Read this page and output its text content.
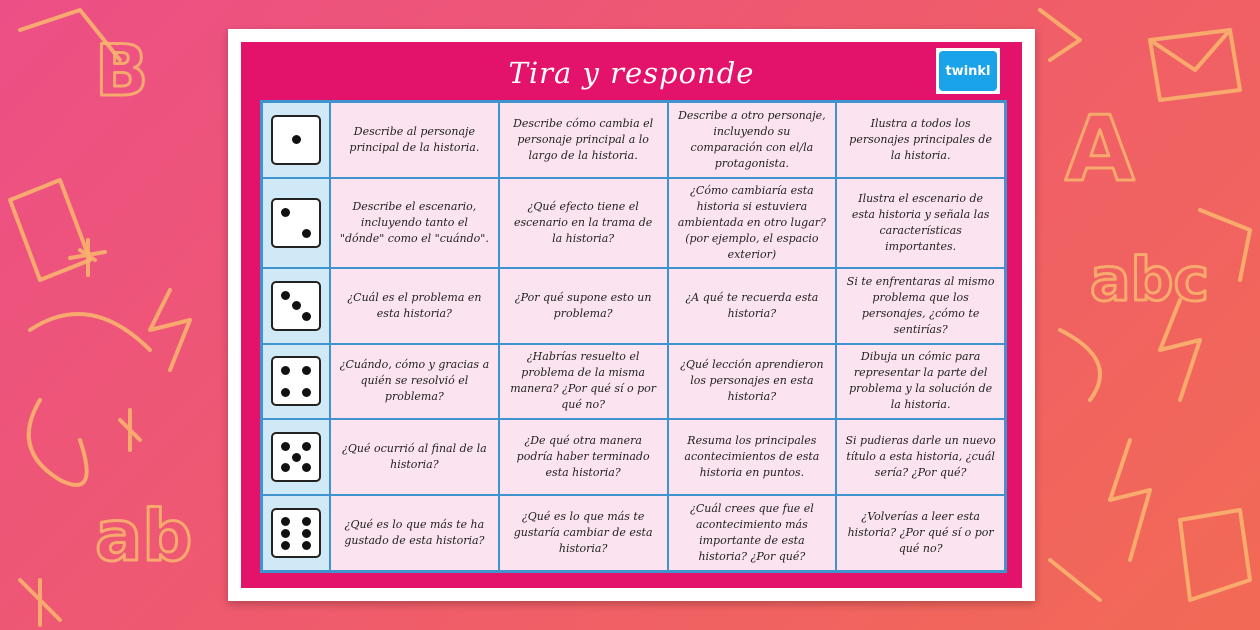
B
A
abc
ab
Tira y responde	twinkl
Describe al personaje principal de la historia.
Describe cómo cambia el personaje principal a lo largo de la historia.
Describe a otro personaje, incluyendo su comparación con el/la protagonista.
Ilustra a todos los personajes principales de la historia.
Describe el escenario, incluyendo tanto el "dónde" como el "cuándo".
¿Qué efecto tiene el escenario en la trama de la historia?
¿Cómo cambiaría esta historia si estuviera ambientada en otro lugar? (por ejemplo, el espacio exterior)
Ilustra el escenario de esta historia y señala las características importantes.
¿Cuál es el problema en esta historia?
¿Por qué supone esto un problema?
¿A qué te recuerda esta historia?
Si te enfrentaras al mismo problema que los personajes, ¿cómo te sentirías?
¿Cuándo, cómo y gracias a quién se resolvió el problema?
¿Habrías resuelto el problema de la misma manera? ¿Por qué sí o por qué no?
¿Qué lección aprendieron los personajes en esta historia?
Dibuja un cómic para representar la parte del problema y la solución de la historia.
¿Qué ocurrió al final de la historia?
¿De qué otra manera podría haber terminado esta historia?
Resuma los principales acontecimientos de esta historia en puntos.
Si pudieras darle un nuevo título a esta historia, ¿cuál sería? ¿Por qué?
¿Qué es lo que más te ha gustado de esta historia?
¿Qué es lo que más te gustaría cambiar de esta historia?
¿Cuál crees que fue el acontecimiento más importante de esta historia? ¿Por qué?
¿Volverías a leer esta historia? ¿Por qué sí o por qué no?
